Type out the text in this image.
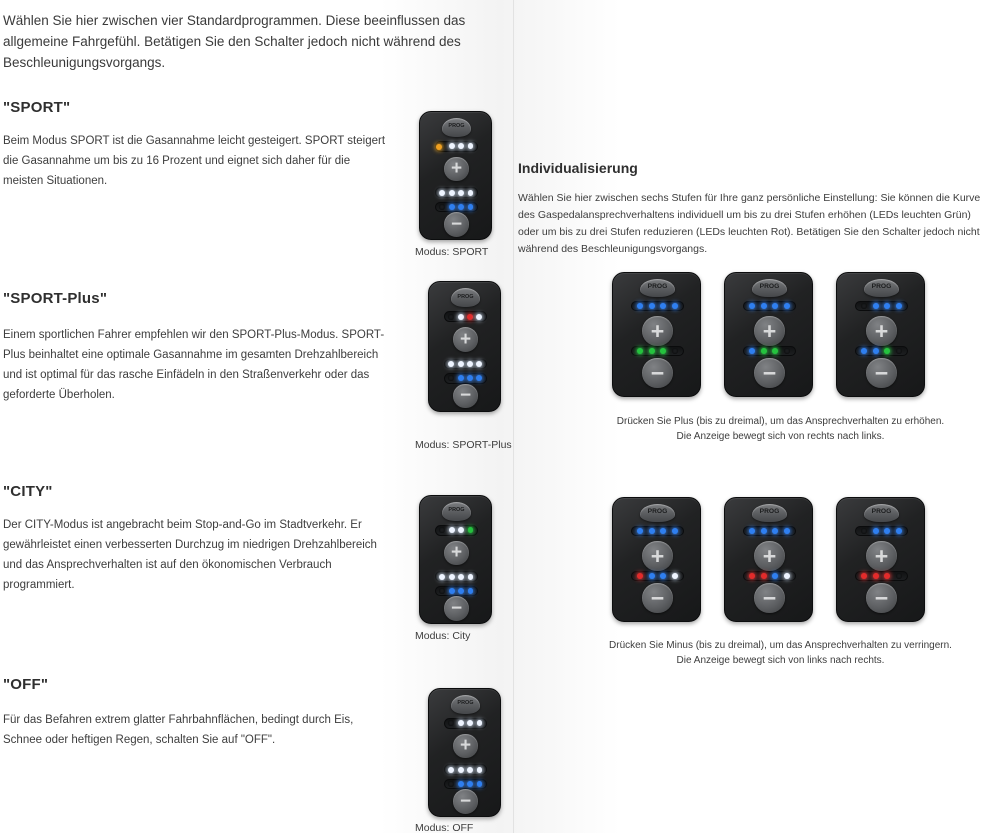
Wählen Sie hier zwischen vier Standardprogrammen. Diese beeinflussen das allgemeine Fahrgefühl. Betätigen Sie den Schalter jedoch nicht während des Beschleunigungsvorgangs.
"SPORT"
Beim Modus SPORT ist die Gasannahme leicht gesteigert. SPORT steigert die Gasannahme um bis zu 16 Prozent und eignet sich daher für die meisten Situationen.
Modus: SPORT
"SPORT-Plus"
Einem sportlichen Fahrer empfehlen wir den SPORT-Plus-Modus. SPORT-Plus beinhaltet eine optimale Gasannahme im gesamten Drehzahlbereich und ist optimal für das rasche Einfädeln in den Straßenverkehr oder das geforderte Überholen.
Modus: SPORT-Plus
"CITY"
Der CITY-Modus ist angebracht beim Stop-and-Go im Stadtverkehr. Er gewährleistet einen verbesserten Durchzug im niedrigen Drehzahlbereich und das Ansprechverhalten ist auf den ökonomischen Verbrauch programmiert.
Modus: City
"OFF"
Für das Befahren extrem glatter Fahrbahnflächen, bedingt durch Eis, Schnee oder heftigen Regen, schalten Sie auf "OFF".
Modus: OFF
Individualisierung
Wählen Sie hier zwischen sechs Stufen für Ihre ganz persönliche Einstellung: Sie können die Kurve des Gaspedalansprechverhaltens individuell um bis zu drei Stufen erhöhen (LEDs leuchten Grün) oder um bis zu drei Stufen reduzieren (LEDs leuchten Rot). Betätigen Sie den Schalter jedoch nicht während des Beschleunigungsvorgangs.
Drücken Sie Plus (bis zu dreimal), um das Ansprechverhalten zu erhöhen. Die Anzeige bewegt sich von rechts nach links.
Drücken Sie Minus (bis zu dreimal), um das Ansprechverhalten zu verringern. Die Anzeige bewegt sich von links nach rechts.
PROG
+
−
PROG
+
−
PROG
+
−
PROG
+
−
PROG
+
−
PROG
+
−
PROG
+
−
PROG
+
−
PROG
+
−
PROG
+
−
